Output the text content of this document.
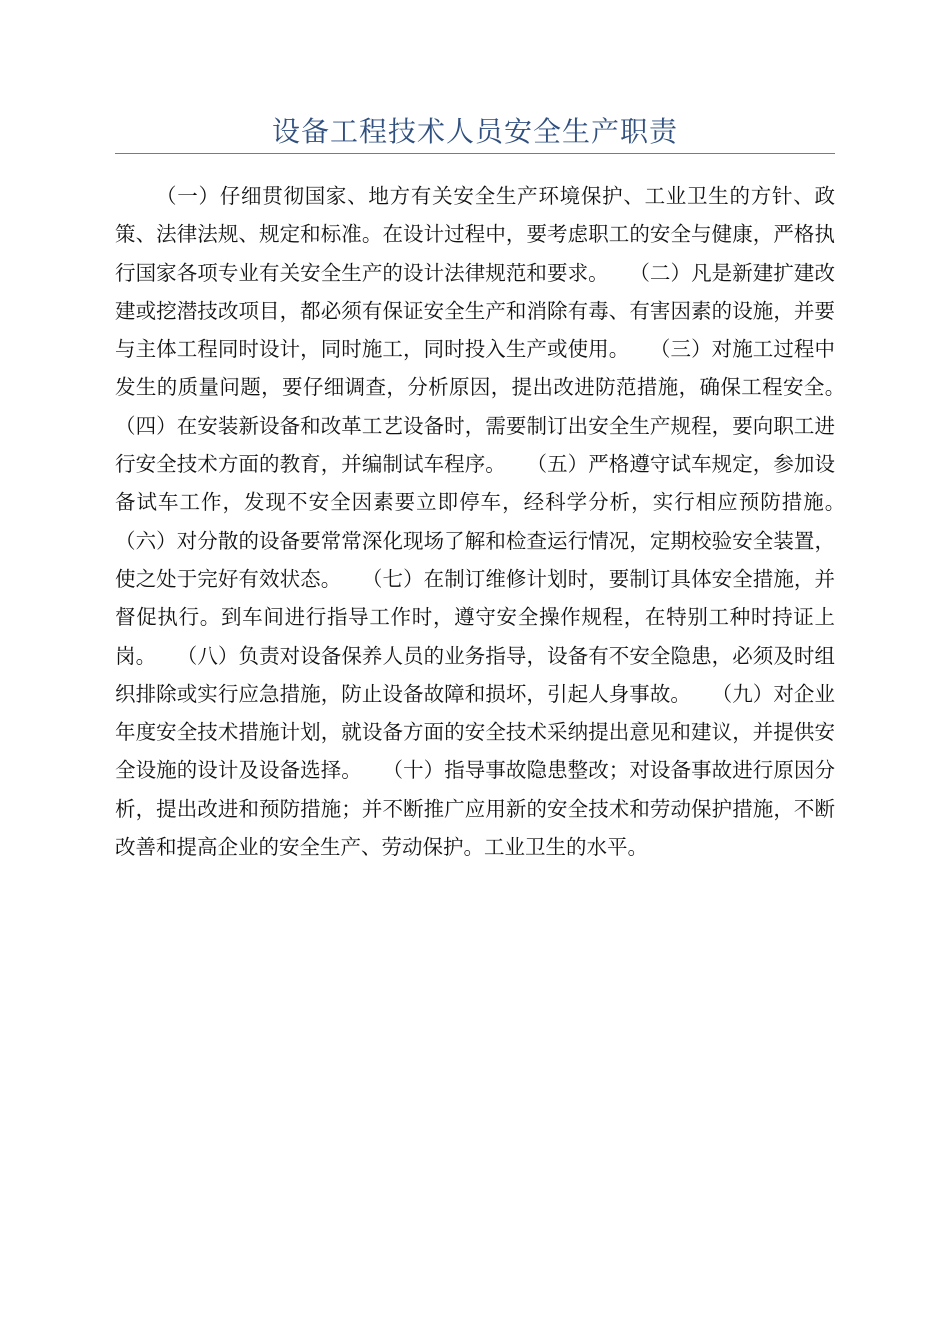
设备工程技术人员安全生产职责

（一）仔细贯彻国家、地方有关安全生产环境保护、工业卫生的方针、政策、法律法规、规定和标准。在设计过程中，要考虑职工的安全与健康，严格执行国家各项专业有关安全生产的设计法律规范和要求。　　（二）凡是新建扩建改建或挖潜技改项目，都必须有保证安全生产和消除有毒、有害因素的设施，并要与主体工程同时设计，同时施工，同时投入生产或使用。　　（三）对施工过程中发生的质量问题，要仔细调查，分析原因，提出改进防范措施，确保工程安全。　　（四）在安装新设备和改革工艺设备时，需要制订出安全生产规程，要向职工进行安全技术方面的教育，并编制试车程序。　　（五）严格遵守试车规定，参加设备试车工作，发现不安全因素要立即停车，经科学分析，实行相应预防措施。　　（六）对分散的设备要常常深化现场了解和检查运行情况，定期校验安全装置，使之处于完好有效状态。　　（七）在制订维修计划时，要制订具体安全措施，并督促执行。到车间进行指导工作时，遵守安全操作规程，在特别工种时持证上岗。　　（八）负责对设备保养人员的业务指导，设备有不安全隐患，必须及时组织排除或实行应急措施，防止设备故障和损坏，引起人身事故。　　（九）对企业年度安全技术措施计划，就设备方面的安全技术采纳提出意见和建议，并提供安全设施的设计及设备选择。　　（十）指导事故隐患整改；对设备事故进行原因分析，提出改进和预防措施；并不断推广应用新的安全技术和劳动保护措施，不断改善和提高企业的安全生产、劳动保护。工业卫生的水平。
